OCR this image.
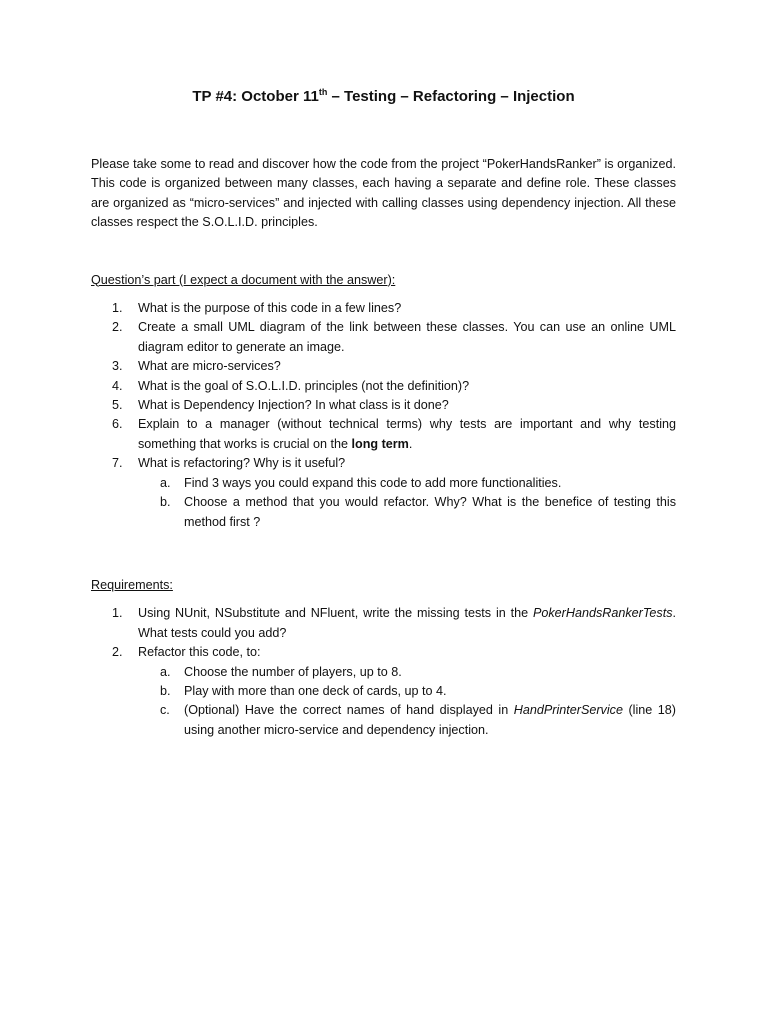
TP #4: October 11th – Testing – Refactoring – Injection

Please take some to read and discover how the code from the project “PokerHandsRanker” is organized. This code is organized between many classes, each having a separate and define role. These classes are organized as “micro-services” and injected with calling classes using dependency injection. All these classes respect the S.O.L.I.D. principles.

Question’s part (I expect a document with the answer):

1. What is the purpose of this code in a few lines?
2. Create a small UML diagram of the link between these classes. You can use an online UML diagram editor to generate an image.
3. What are micro-services?
4. What is the goal of S.O.L.I.D. principles (not the definition)?
5. What is Dependency Injection? In what class is it done?
6. Explain to a manager (without technical terms) why tests are important and why testing something that works is crucial on the long term.
7. What is refactoring? Why is it useful?
a. Find 3 ways you could expand this code to add more functionalities.
b. Choose a method that you would refactor. Why? What is the benefice of testing this method first ?

Requirements:

1. Using NUnit, NSubstitute and NFluent, write the missing tests in the PokerHandsRankerTests. What tests could you add?
2. Refactor this code, to:
a. Choose the number of players, up to 8.
b. Play with more than one deck of cards, up to 4.
c. (Optional) Have the correct names of hand displayed in HandPrinterService (line 18) using another micro-service and dependency injection.
